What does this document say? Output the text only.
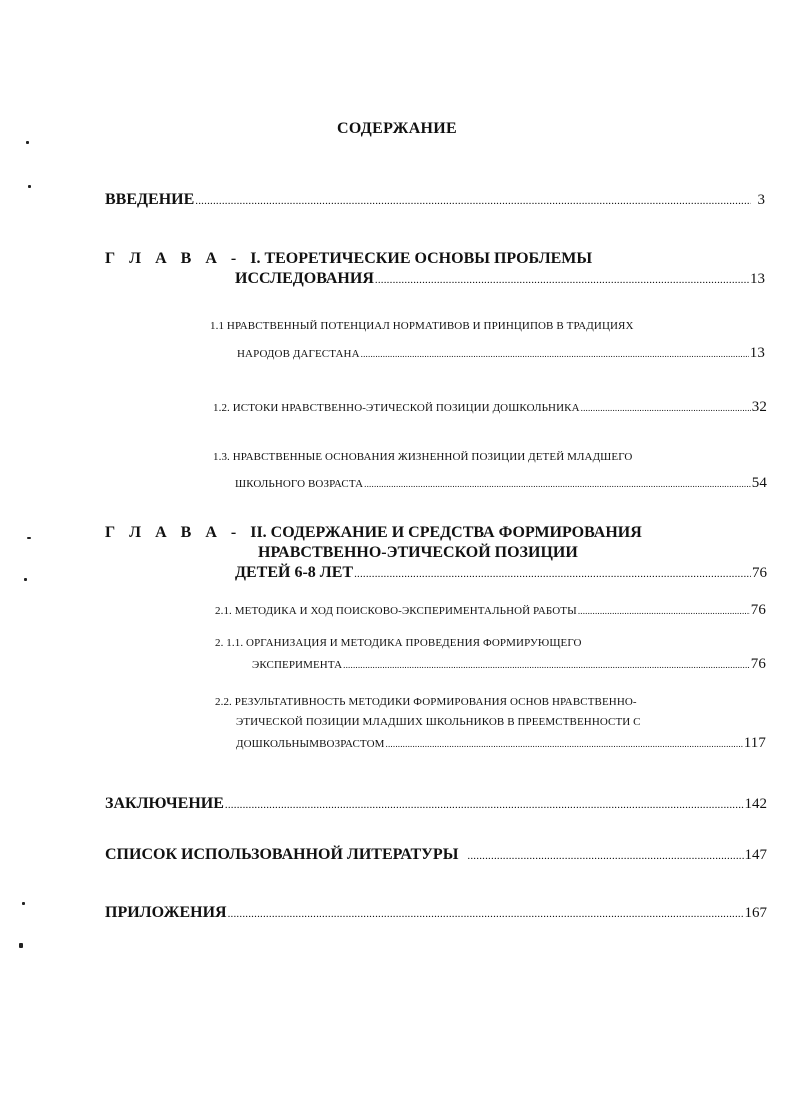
СОДЕРЖАНИЕ
ВВЕДЕНИЕ .....	3
Г Л А В А - I. ТЕОРЕТИЧЕСКИЕ ОСНОВЫ ПРОБЛЕМЫ
ИССЛЕДОВАНИЯ .....	13
1.1 НРАВСТВЕННЫЙ ПОТЕНЦИАЛ НОРМАТИВОВ И ПРИНЦИПОВ В ТРАДИЦИЯХ
НАРОДОВ ДАГЕСТАНА .....	13
1.2. ИСТОКИ НРАВСТВЕННО-ЭТИЧЕСКОЙ ПОЗИЦИИ ДОШКОЛЬНИКА .....	32
1.3. НРАВСТВЕННЫЕ ОСНОВАНИЯ ЖИЗНЕННОЙ ПОЗИЦИИ ДЕТЕЙ МЛАДШЕГО
ШКОЛЬНОГО ВОЗРАСТА .....	54
Г Л А В А - II. СОДЕРЖАНИЕ И СРЕДСТВА ФОРМИРОВАНИЯ
НРАВСТВЕННО-ЭТИЧЕСКОЙ ПОЗИЦИИ
ДЕТЕЙ 6-8 ЛЕТ .....	76
2.1. МЕТОДИКА И ХОД ПОИСКОВО-ЭКСПЕРИМЕНТАЛЬНОЙ РАБОТЫ .....	76
2. 1.1. ОРГАНИЗАЦИЯ И МЕТОДИКА ПРОВЕДЕНИЯ ФОРМИРУЮЩЕГО
ЭКСПЕРИМЕНТА .....	76
2.2. РЕЗУЛЬТАТИВНОСТЬ МЕТОДИКИ ФОРМИРОВАНИЯ ОСНОВ НРАВСТВЕННО-
ЭТИЧЕСКОЙ ПОЗИЦИИ МЛАДШИХ ШКОЛЬНИКОВ В ПРЕЕМСТВЕННОСТИ С
ДОШКОЛЬНЫМВОЗРАСТОМ .....	117
ЗАКЛЮЧЕНИЕ .....	142
СПИСОК ИСПОЛЬЗОВАННОЙ ЛИТЕРАТУРЫ .....	147
ПРИЛОЖЕНИЯ .....	167
